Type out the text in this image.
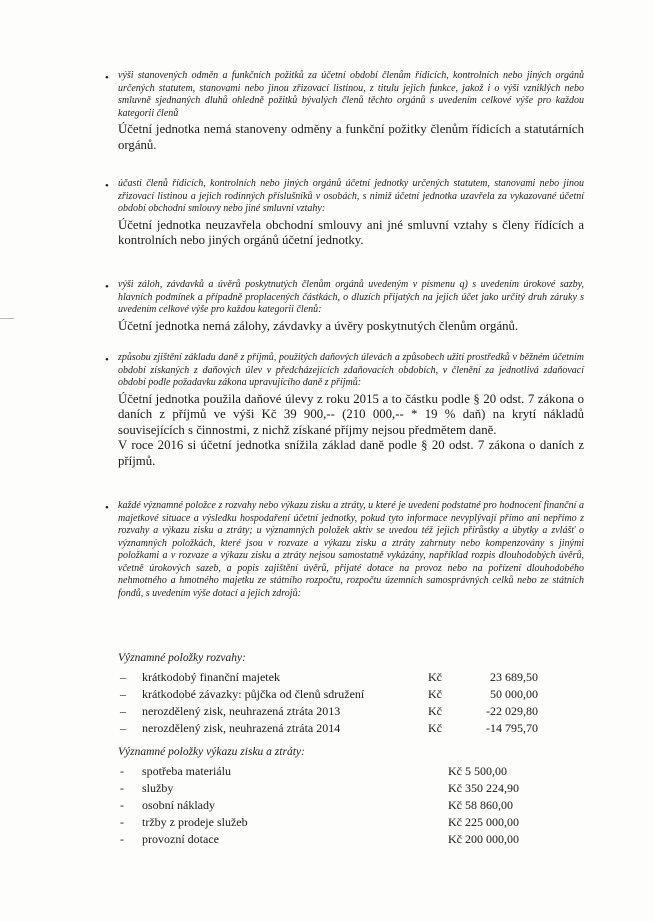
• výši stanovených odměn a funkčních požitků za účetní období členům řídicích, kontrolních nebo jiných orgánů určených statutem, stanovami nebo jinou zřizovací listinou, z titulu jejich funkce, jakož i o výši vzniklých nebo smluvně sjednaných dluhů ohledně požitků bývalých členů těchto orgánů s uvedením celkové výše pro každou kategorii členů

Účetní jednotka nemá stanoveny odměny a funkční požitky členům řídicích a statutárních orgánů.

• účasti členů řídicích, kontrolních nebo jiných orgánů účetní jednotky určených statutem, stanovami nebo jinou zřizovací listinou a jejich rodinných příslušníků v osobách, s nimiž účetní jednotka uzavřela za vykazované účetní období obchodní smlouvy nebo jiné smluvní vztahy:

Účetní jednotka neuzavřela obchodní smlouvy ani jné smluvní vztahy s členy řídících a kontrolních nebo jiných orgánů účetní jednotky.

• výši záloh, závdavků a úvěrů poskytnutých členům orgánů uvedeným v písmenu q) s uvedením úrokové sazby, hlavních podmínek a případně proplacených částkách, o dluzích přijatých na jejich účet jako určitý druh záruky s uvedením celkové výše pro každou kategorii členů:

Účetní jednotka nemá zálohy, závdavky a úvěry poskytnutých členům orgánů.

• způsobu zjištění základu daně z příjmů, použitých daňových úlevách a způsobech užití prostředků v běžném účetním období získaných z daňových úlev v předcházejících zdaňovacích obdobích, v členění za jednotlivá zdaňovací období podle požadavku zákona upravujícího daně z příjmů:

Účetní jednotka použila daňové úlevy z roku 2015 a to částku podle § 20 odst. 7 zákona o daních z příjmů ve výši Kč 39 900,-- (210 000,-- * 19 % daň) na krytí nákladů souvisejících s činnostmi, z nichž získané příjmy nejsou předmětem daně.

V roce 2016 si účetní jednotka snížila základ daně podle § 20 odst. 7 zákona o daních z příjmů.

• každé významné položce z rozvahy nebo výkazu zisku a ztráty, u které je uvedení podstatné pro hodnocení finanční a majetkové situace a výsledku hospodaření účetní jednotky, pokud tyto informace nevyplývají přímo ani nepřímo z rozvahy a výkazu zisku a ztráty; u významných položek aktiv se uvedou též jejich přírůstky a úbytky a zvlášť o významných položkách, které jsou v rozvaze a výkazu zisku a ztráty zahrnuty nebo kompenzovány s jinými položkami a v rozvaze a výkazu zisku a ztráty nejsou samostatně vykázány, například rozpis dlouhodobých úvěrů, včetně úrokových sazeb, a popis zajištění úvěrů, přijaté dotace na provoz nebo na pořízení dlouhodobého nehmotného a hmotného majetku ze státního rozpočtu, rozpočtu územních samosprávných celků nebo ze státních fondů, s uvedením výše dotací a jejich zdrojů:

Významné položky rozvahy:
– krátkodobý finanční majetek	Kč	23 689,50
– krátkodobé závazky: půjčka od členů sdružení	Kč	50 000,00
– nerozdělený zisk, neuhrazená ztráta 2013	Kč	-22 029,80
– nerozdělený zisk, neuhrazená ztráta 2014	Kč	-14 795,70
Významné položky výkazu zisku a ztráty:
- spotřeba materiálu	Kč 5 500,00
- služby	Kč 350 224,90
- osobní náklady	Kč 58 860,00
- tržby z prodeje služeb	Kč 225 000,00
- provozní dotace	Kč 200 000,00
